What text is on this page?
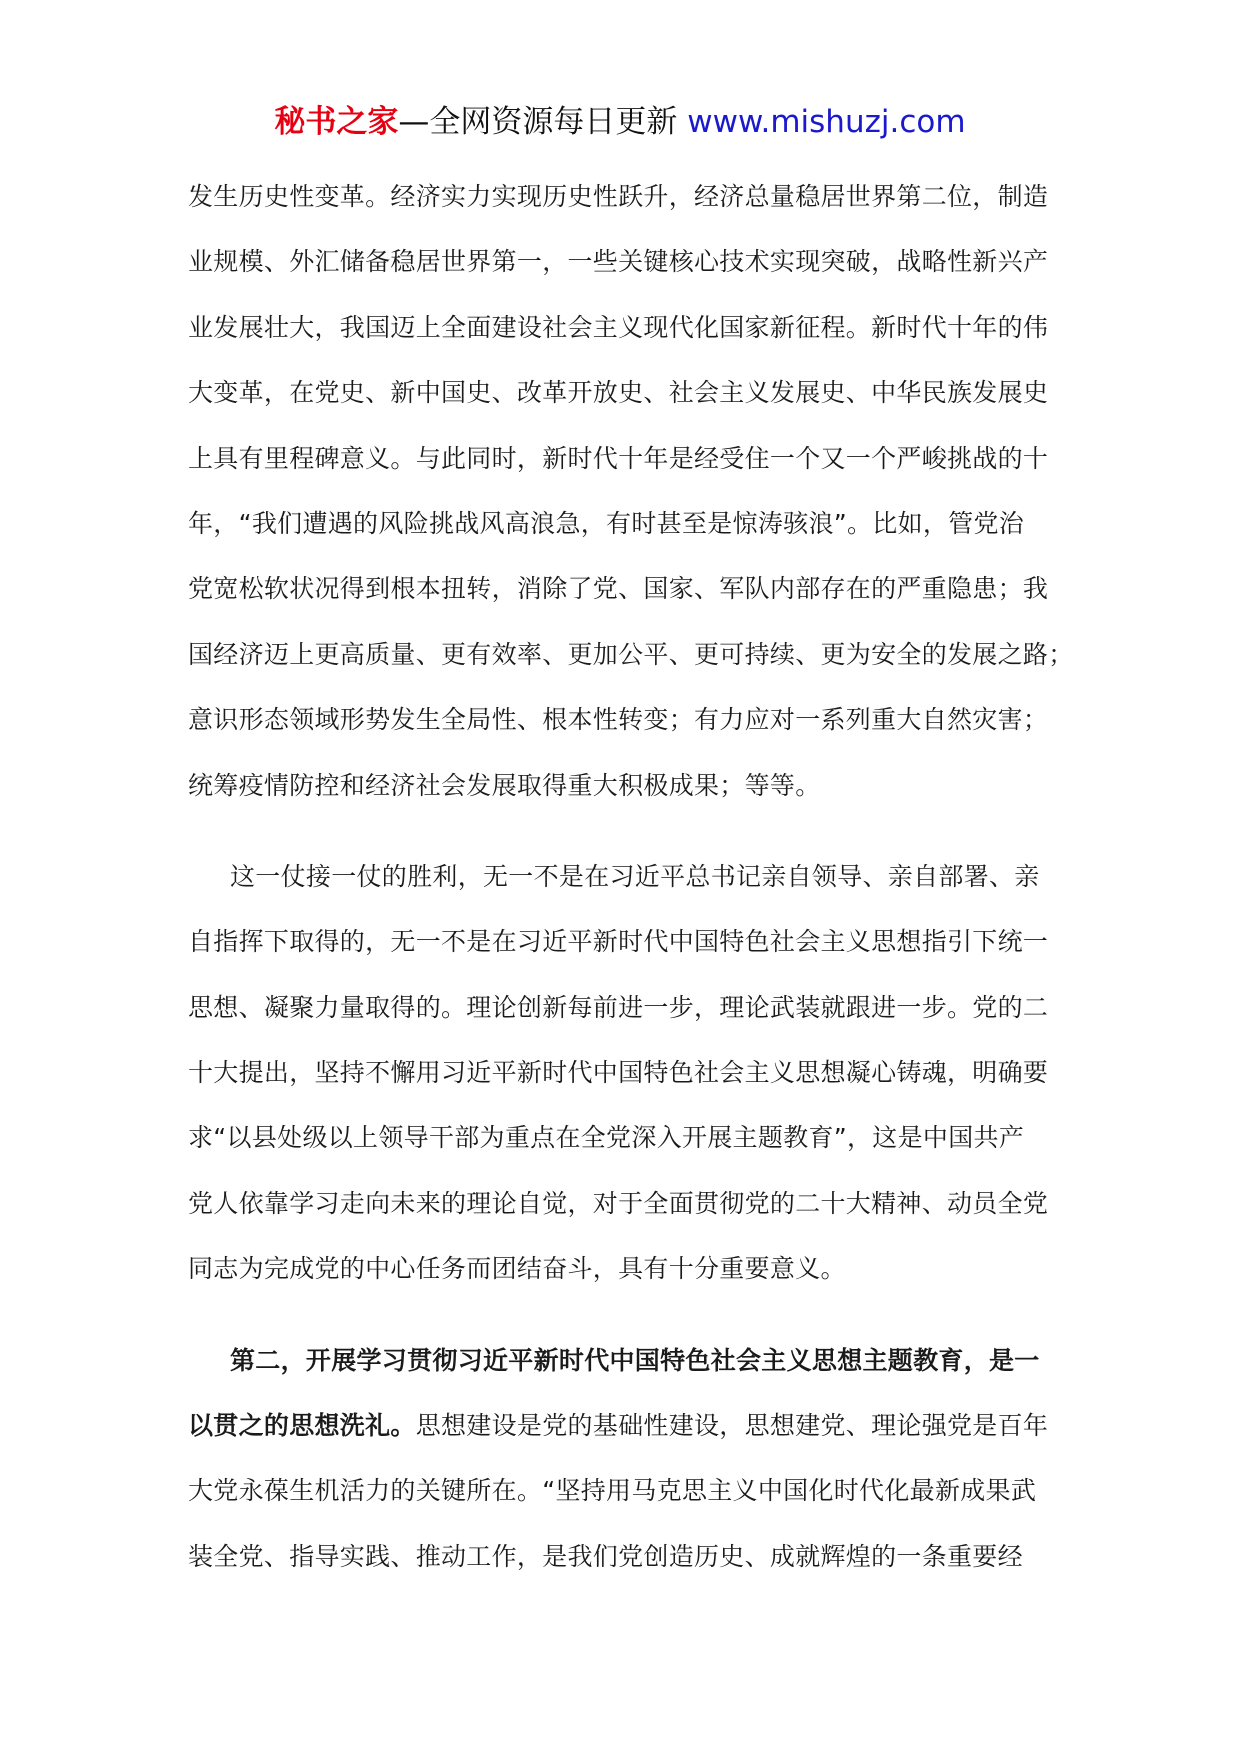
秘书之家—全网资源每日更新 www.mishuzj.com
发生历史性变革。经济实力实现历史性跃升，经济总量稳居世界第二位，制造
业规模、外汇储备稳居世界第一，一些关键核心技术实现突破，战略性新兴产
业发展壮大，我国迈上全面建设社会主义现代化国家新征程。新时代十年的伟
大变革，在党史、新中国史、改革开放史、社会主义发展史、中华民族发展史
上具有里程碑意义。与此同时，新时代十年是经受住一个又一个严峻挑战的十
年，“我们遭遇的风险挑战风高浪急，有时甚至是惊涛骇浪”。比如，管党治
党宽松软状况得到根本扭转，消除了党、国家、军队内部存在的严重隐患；我
国经济迈上更高质量、更有效率、更加公平、更可持续、更为安全的发展之路；
意识形态领域形势发生全局性、根本性转变；有力应对一系列重大自然灾害；
统筹疫情防控和经济社会发展取得重大积极成果；等等。
这一仗接一仗的胜利，无一不是在习近平总书记亲自领导、亲自部署、亲
自指挥下取得的，无一不是在习近平新时代中国特色社会主义思想指引下统一
思想、凝聚力量取得的。理论创新每前进一步，理论武装就跟进一步。党的二
十大提出，坚持不懈用习近平新时代中国特色社会主义思想凝心铸魂，明确要
求“以县处级以上领导干部为重点在全党深入开展主题教育”，这是中国共产
党人依靠学习走向未来的理论自觉，对于全面贯彻党的二十大精神、动员全党
同志为完成党的中心任务而团结奋斗，具有十分重要意义。
第二，开展学习贯彻习近平新时代中国特色社会主义思想主题教育，是一
以贯之的思想洗礼。思想建设是党的基础性建设，思想建党、理论强党是百年
大党永葆生机活力的关键所在。“坚持用马克思主义中国化时代化最新成果武
装全党、指导实践、推动工作，是我们党创造历史、成就辉煌的一条重要经
